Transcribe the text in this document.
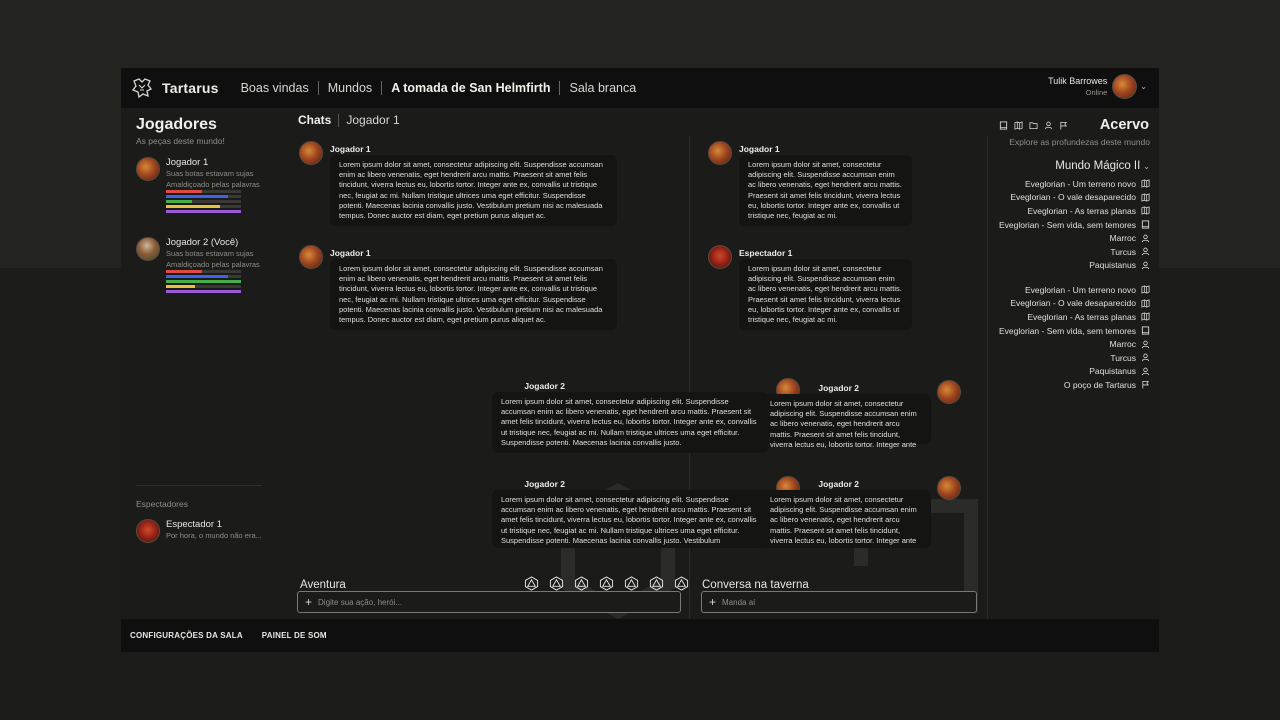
Tartarus Boas vindas Mundos A tomada de San Helmfirth Sala branca	Tulik Barrowes
Online
⌄
Jogadores
As peças deste mundo!
Jogador 1
Suas botas estavam sujas
Amaldiçoado pelas palavras
Jogador 2 (Você)
Suas botas estavam sujas
Amaldiçoado pelas palavras
Espectadores
Espectador 1
Por hora, o mundo não era...
Chats Jogador 1
Jogador 1
Lorem ipsum dolor sit amet, consectetur adipiscing elit. Suspendisse accumsan enim ac libero venenatis, eget hendrerit arcu mattis. Praesent sit amet felis tincidunt, viverra lectus eu, lobortis tortor. Integer ante ex, convallis ut tristique nec, feugiat ac mi. Nullam tristique ultrices uma eget efficitur. Suspendisse potenti. Maecenas lacinia convallis justo. Vestibulum pretium nisi ac malesuada tempus. Donec auctor est diam, eget pretium purus aliquet ac.
Jogador 1
Lorem ipsum dolor sit amet, consectetur adipiscing elit. Suspendisse accumsan enim ac libero venenatis, eget hendrerit arcu mattis. Praesent sit amet felis tincidunt, viverra lectus eu, lobortis tortor. Integer ante ex, convallis ut tristique nec, feugiat ac mi. Nullam tristique ultrices uma eget efficitur. Suspendisse potenti. Maecenas lacinia convallis justo. Vestibulum pretium nisi ac malesuada tempus. Donec auctor est diam, eget pretium purus aliquet ac.
Jogador 2
Lorem ipsum dolor sit amet, consectetur adipiscing elit. Suspendisse accumsan enim ac libero venenatis, eget hendrerit arcu mattis. Praesent sit amet felis tincidunt, viverra lectus eu, lobortis tortor. Integer ante ex, convallis ut tristique nec, feugiat ac mi. Nullam tristique ultrices uma eget efficitur. Suspendisse potenti. Maecenas lacinia convallis justo.
Jogador 2
Lorem ipsum dolor sit amet, consectetur adipiscing elit. Suspendisse accumsan enim ac libero venenatis, eget hendrerit arcu mattis. Praesent sit amet felis tincidunt, viverra lectus eu, lobortis tortor. Integer ante ex, convallis ut tristique nec, feugiat ac mi. Nullam tristique ultrices uma eget efficitur. Suspendisse potenti. Maecenas lacinia convallis justo. Vestibulum
Aventura
+
Digite sua ação, herói...
Jogador 1
Lorem ipsum dolor sit amet, consectetur adipiscing elit. Suspendisse accumsan enim ac libero venenatis, eget hendrerit arcu mattis. Praesent sit amet felis tincidunt, viverra lectus eu, lobortis tortor. Integer ante ex, convallis ut tristique nec, feugiat ac mi.
Espectador 1
Lorem ipsum dolor sit amet, consectetur adipiscing elit. Suspendisse accumsan enim ac libero venenatis, eget hendrerit arcu mattis. Praesent sit amet felis tincidunt, viverra lectus eu, lobortis tortor. Integer ante ex, convallis ut tristique nec, feugiat ac mi.
Jogador 2
Lorem ipsum dolor sit amet, consectetur adipiscing elit. Suspendisse accumsan enim ac libero venenatis, eget hendrerit arcu mattis. Praesent sit amet felis tincidunt, viverra lectus eu, lobortis tortor. Integer ante
Jogador 2
Lorem ipsum dolor sit amet, consectetur adipiscing elit. Suspendisse accumsan enim ac libero venenatis, eget hendrerit arcu mattis. Praesent sit amet felis tincidunt, viverra lectus eu, lobortis tortor. Integer ante
Conversa na taverna
+
Manda aí
Acervo
Explore as profundezas deste mundo
Mundo Mágico II ⌄
Eveglorian - Um terreno novo
Eveglorian - O vale desaparecido
Eveglorian - As terras planas
Eveglorian - Sem vida, sem temores
Marroc
Turcus
Paquistanus
Eveglorian - Um terreno novo
Eveglorian - O vale desaparecido
Eveglorian - As terras planas
Eveglorian - Sem vida, sem temores
Marroc
Turcus
Paquistanus
O poço de Tartarus
CONFIGURAÇÕES DA SALA PAINEL DE SOM
